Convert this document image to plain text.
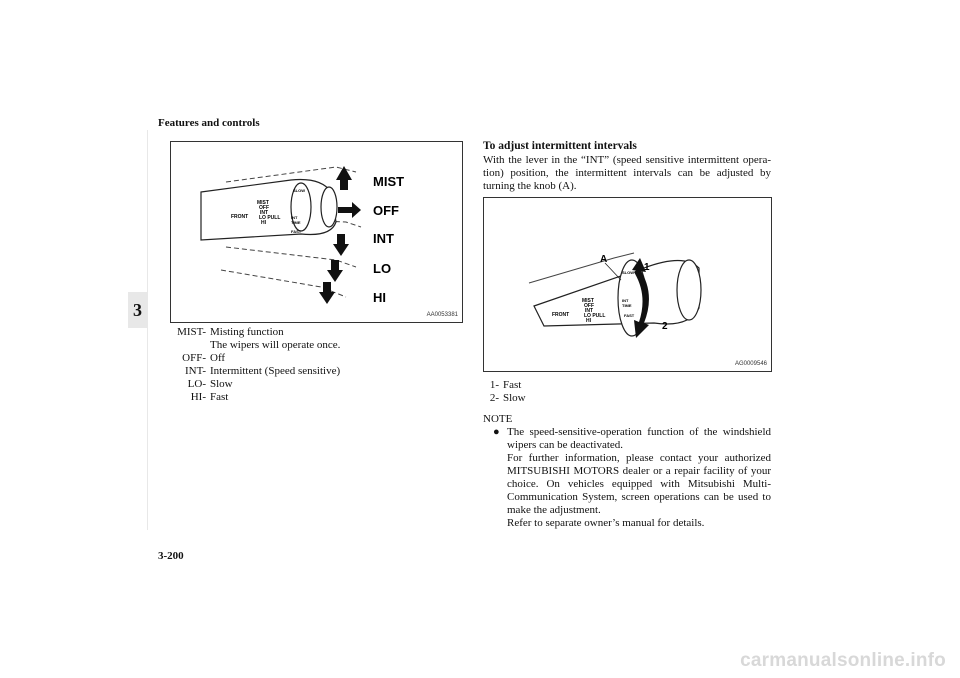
Features and controls
3
MIST
OFF
INT
LO PULL
HI
FRONT
SLOW
INT
TIME
FAST
MIST
OFF
INT
LO
HI
AA0053381
MIST- Misting function
The wipers will operate once.
OFF- Off
INT- Intermittent (Speed sensitive)
LO- Slow
HI- Fast
To adjust intermittent intervals
With the lever in the “INT” (speed sensitive intermittent opera-tion) position, the intermittent intervals can be adjusted by turning the knob (A).
A
1
2
MIST
OFF
INT
LO PULL
HI
FRONT
SLOW
INT
TIME
FAST
AG0009546
1- Fast
2- Slow
NOTE
● The speed-sensitive-operation function of the windshield wipers can be deactivated.
For further information, please contact your authorized MITSUBISHI MOTORS dealer or a repair facility of your choice. On vehicles equipped with Mitsubishi Multi-Communication System, screen operations can be used to make the adjustment.
Refer to separate owner’s manual for details.
3-200
carmanualsonline.info
